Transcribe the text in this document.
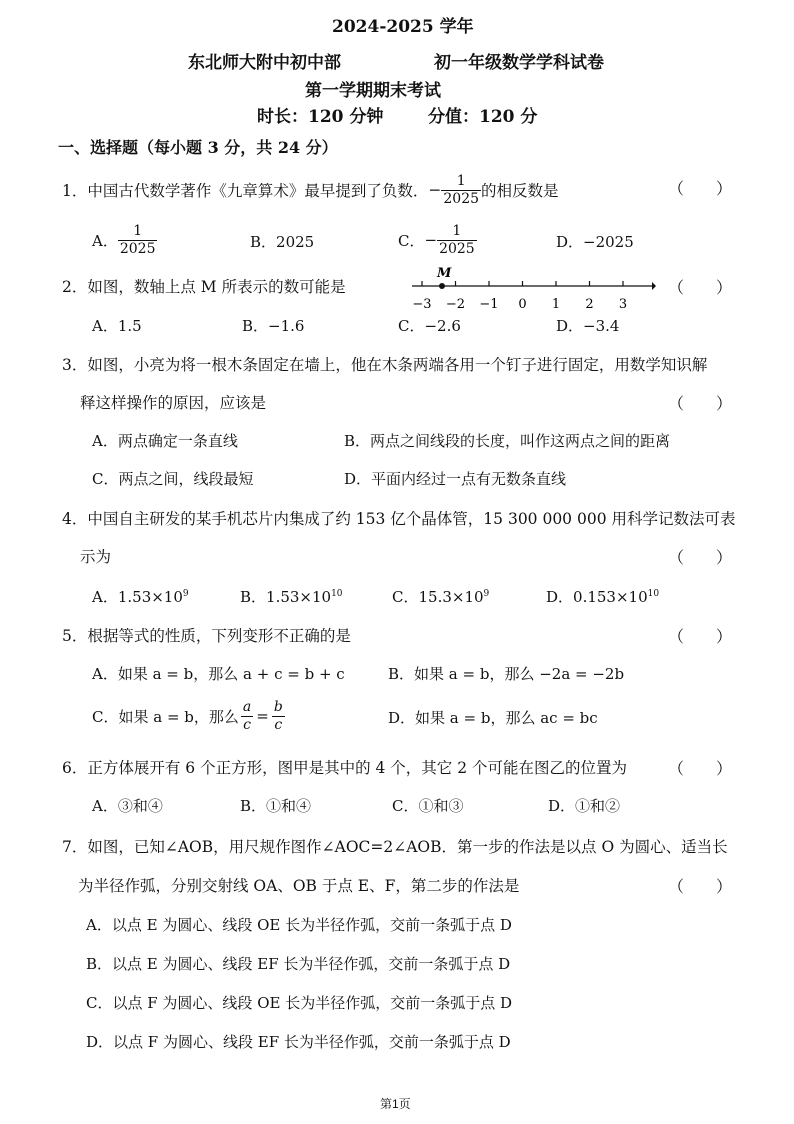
2024-2025 学年
东北师大附中初中部	初一年级数学学科试卷
第一学期期末考试
时长：120 分钟	分值：120 分
一、选择题（每小题 3 分，共 24 分）
1．中国古代数学著作《九章算术》最早提到了负数． − $\frac{1}{2025}$ 的相反数是	（　　）
A． $\frac{1}{2025}$	B．2025	C． − $\frac{1}{2025}$	D．−2025
2．如图，数轴上点 M 所表示的数可能是
−3 −2 −1 0 1 2 3
M
（　　）
A．1.5	B．−1.6	C．−2.6	D．−3.4
3．如图，小亮为将一根木条固定在墙上，他在木条两端各用一个钉子进行固定，用数学知识解
释这样操作的原因，应该是	（　　）
A．两点确定一条直线	B．两点之间线段的长度，叫作这两点之间的距离
C．两点之间，线段最短	D．平面内经过一点有无数条直线
4．中国自主研发的某手机芯片内集成了约 153 亿个晶体管，15 300 000 000 用科学记数法可表
示为	（　　）
A．$1.53\times 10^9$	B．$1.53\times 10^{10}$	C．$15.3\times 10^9$	D．$0.153\times 10^{10}$
5．根据等式的性质，下列变形不正确的是	（　　）
A．如果 a = b，那么 a + c = b + c	B．如果 a = b，那么 −2a = −2b
C．如果 a = b，那么 $\frac{a}{c} = \frac{b}{c}$	D．如果 a = b，那么 ac = bc
6．正方体展开有 6 个正方形，图甲是其中的 4 个，其它 2 个可能在图乙的位置为	（　　）
A．③和④	B．①和④	C．①和③	D．①和②
7．如图，已知∠AOB，用尺规作图作∠AOC=2∠AOB．第一步的作法是以点 O 为圆心、适当长
为半径作弧，分别交射线 OA、OB 于点 E、F，第二步的作法是	（　　）
A．以点 E 为圆心、线段 OE 长为半径作弧，交前一条弧于点 D
B．以点 E 为圆心、线段 EF 长为半径作弧，交前一条弧于点 D
C．以点 F 为圆心、线段 OE 长为半径作弧，交前一条弧于点 D
D．以点 F 为圆心、线段 EF 长为半径作弧，交前一条弧于点 D
第1页
